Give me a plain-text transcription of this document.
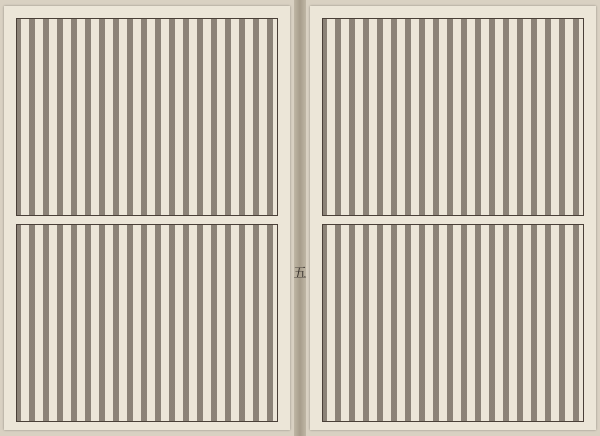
五
